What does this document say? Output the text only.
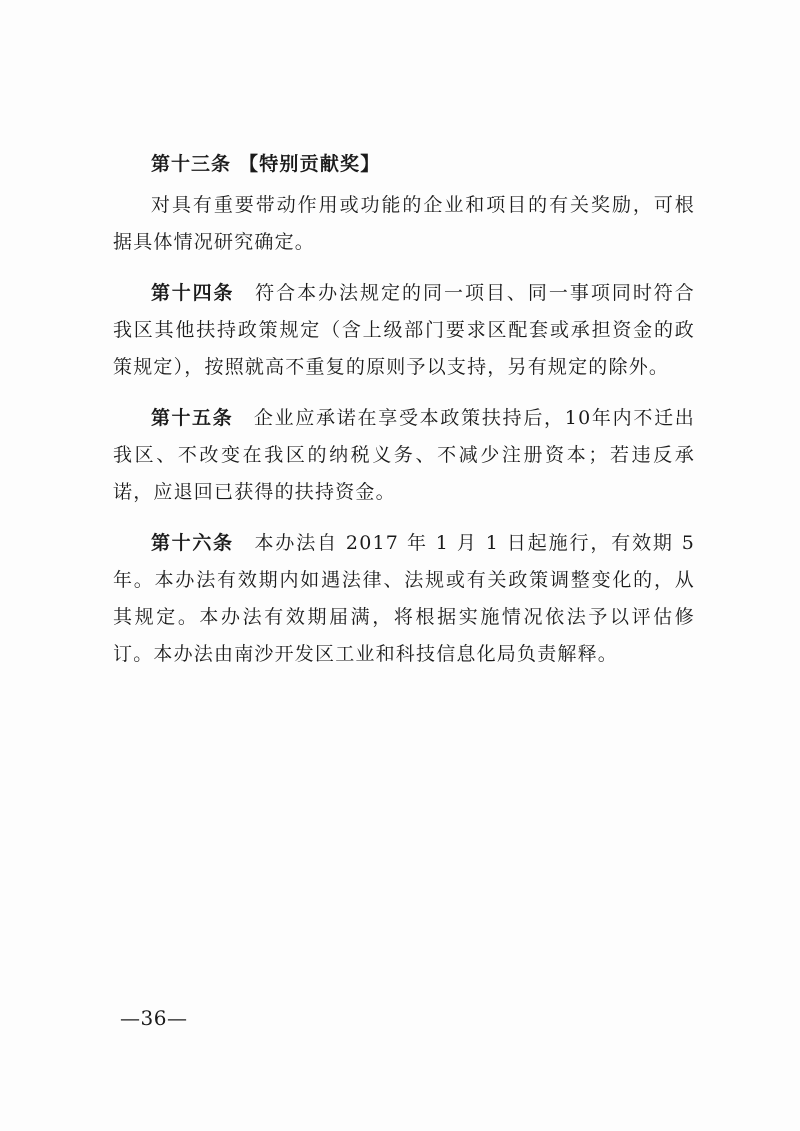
第十三条 【特别贡献奖】

对具有重要带动作用或功能的企业和项目的有关奖励，可根据具体情况研究确定。

第十四条  符合本办法规定的同一项目、同一事项同时符合我区其他扶持政策规定（含上级部门要求区配套或承担资金的政策规定），按照就高不重复的原则予以支持，另有规定的除外。

第十五条  企业应承诺在享受本政策扶持后，10年内不迁出我区、不改变在我区的纳税义务、不减少注册资本；若违反承诺，应退回已获得的扶持资金。

第十六条  本办法自 2017 年 1 月 1 日起施行，有效期 5 年。本办法有效期内如遇法律、法规或有关政策调整变化的，从其规定。本办法有效期届满，将根据实施情况依法予以评估修订。本办法由南沙开发区工业和科技信息化局负责解释。

—36—
